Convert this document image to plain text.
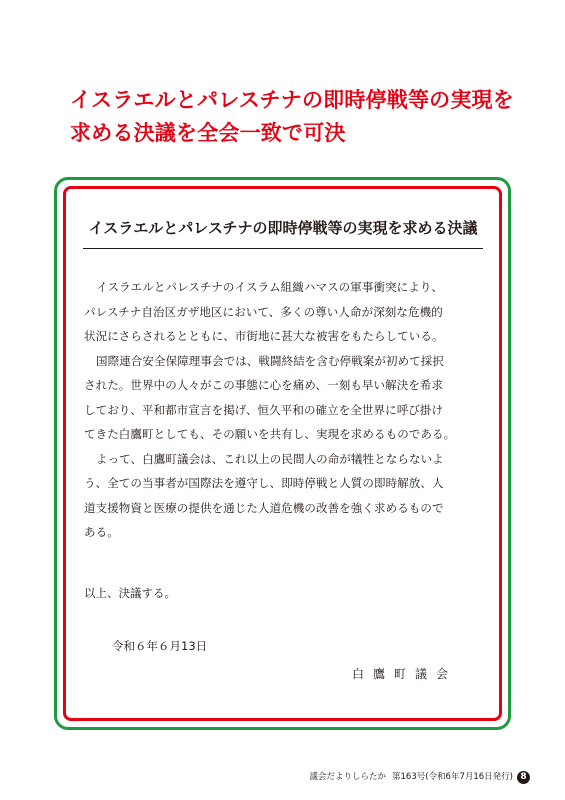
イスラエルとパレスチナの即時停戦等の実現を
求める決議を全会一致で可決
イスラエルとパレスチナの即時停戦等の実現を求める決議

イスラエルとパレスチナのイスラム組織ハマスの軍事衝突により、

パレスチナ自治区ガザ地区において、多くの尊い人命が深刻な危機的

状況にさらされるとともに、市街地に甚大な被害をもたらしている。

国際連合安全保障理事会では、戦闘終結を含む停戦案が初めて採択

された。世界中の人々がこの事態に心を痛め、一刻も早い解決を希求

しており、平和都市宣言を掲げ、恒久平和の確立を全世界に呼び掛け

てきた白鷹町としても、その願いを共有し、実現を求めるものである。

よって、白鷹町議会は、これ以上の民間人の命が犠牲とならないよ

う、全ての当事者が国際法を遵守し、即時停戦と人質の即時解放、人

道支援物資と医療の提供を通じた人道危機の改善を強く求めるもので

ある。

以上、決議する。

令和６年６月13日

白鷹町議会

議会だよりしらたか 第163号(令和6年7月16日発行) 8
